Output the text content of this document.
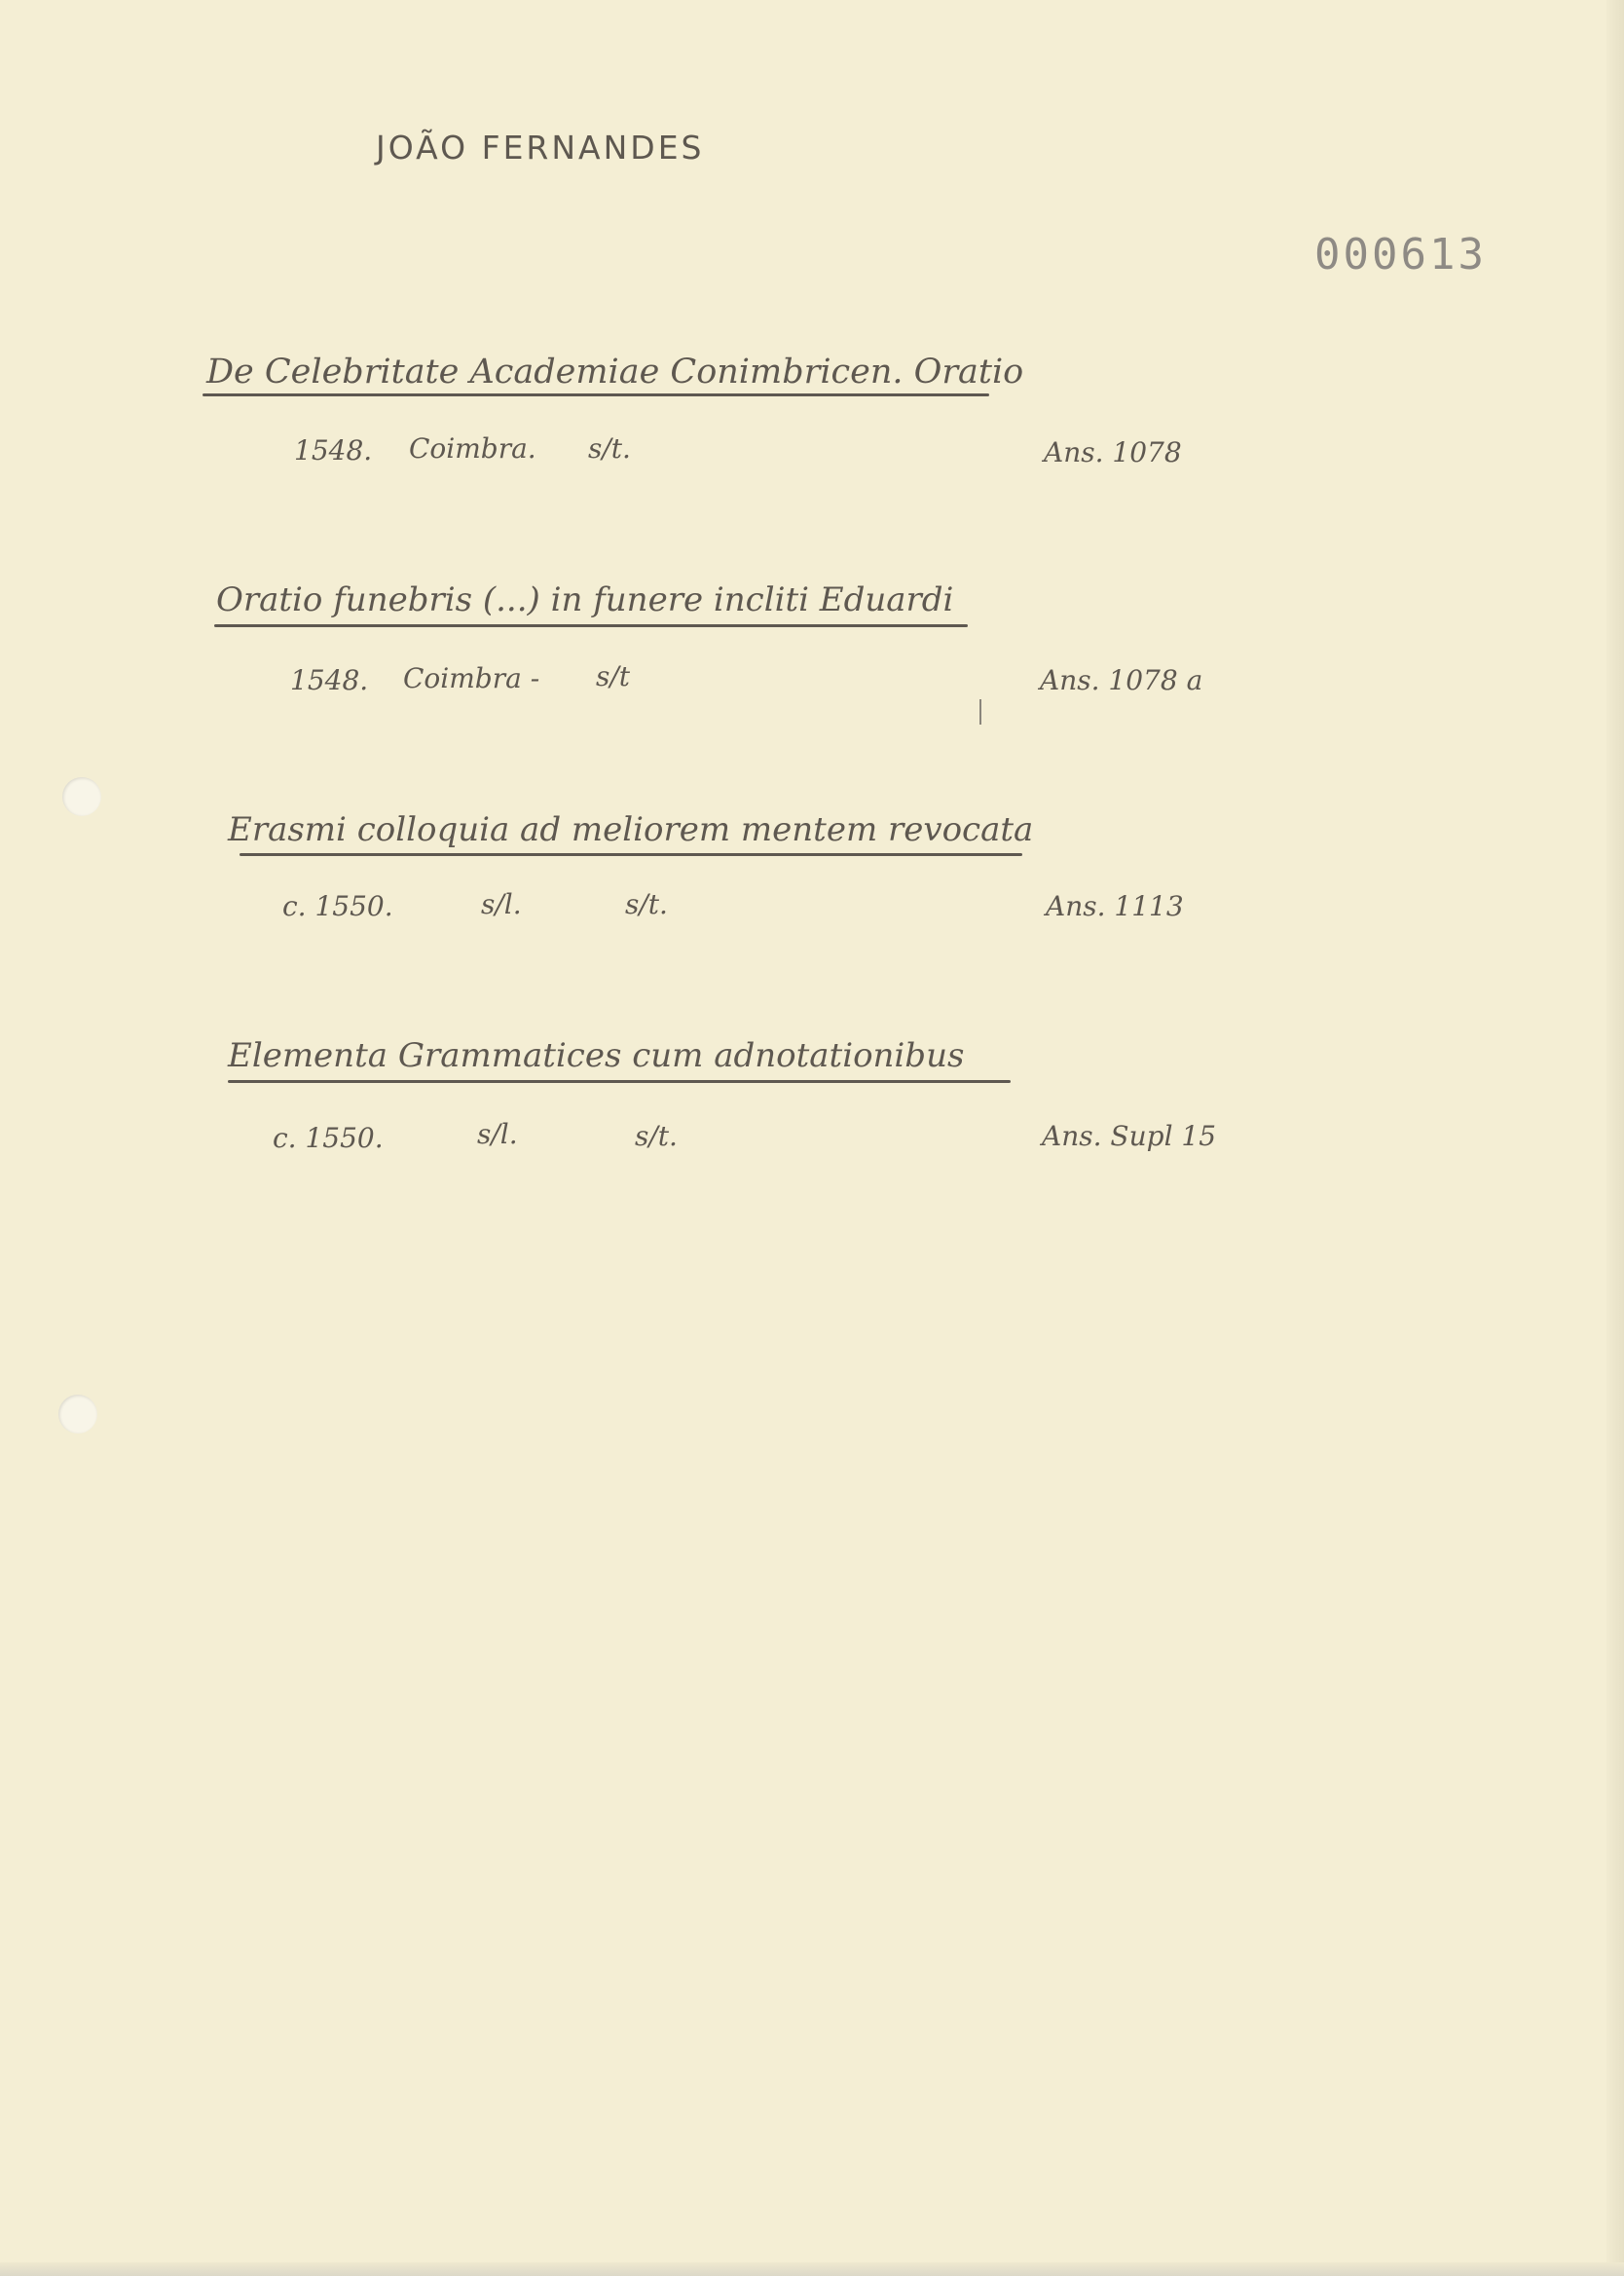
JOÃO FERNANDES
000613
De Celebritate Academiae Conimbricen. Oratio
1548. Coimbra. s/t.	Ans. 1078
Oratio funebris (...) in funere incliti Eduardi
1548. Coimbra - s/t	Ans. 1078 a
Erasmi colloquia ad meliorem mentem revocata
c. 1550.	s/l.	s/t.	Ans. 1113
Elementa Grammatices cum adnotationibus
c. 1550.	s/l.	s/t.	Ans. Supl 15
